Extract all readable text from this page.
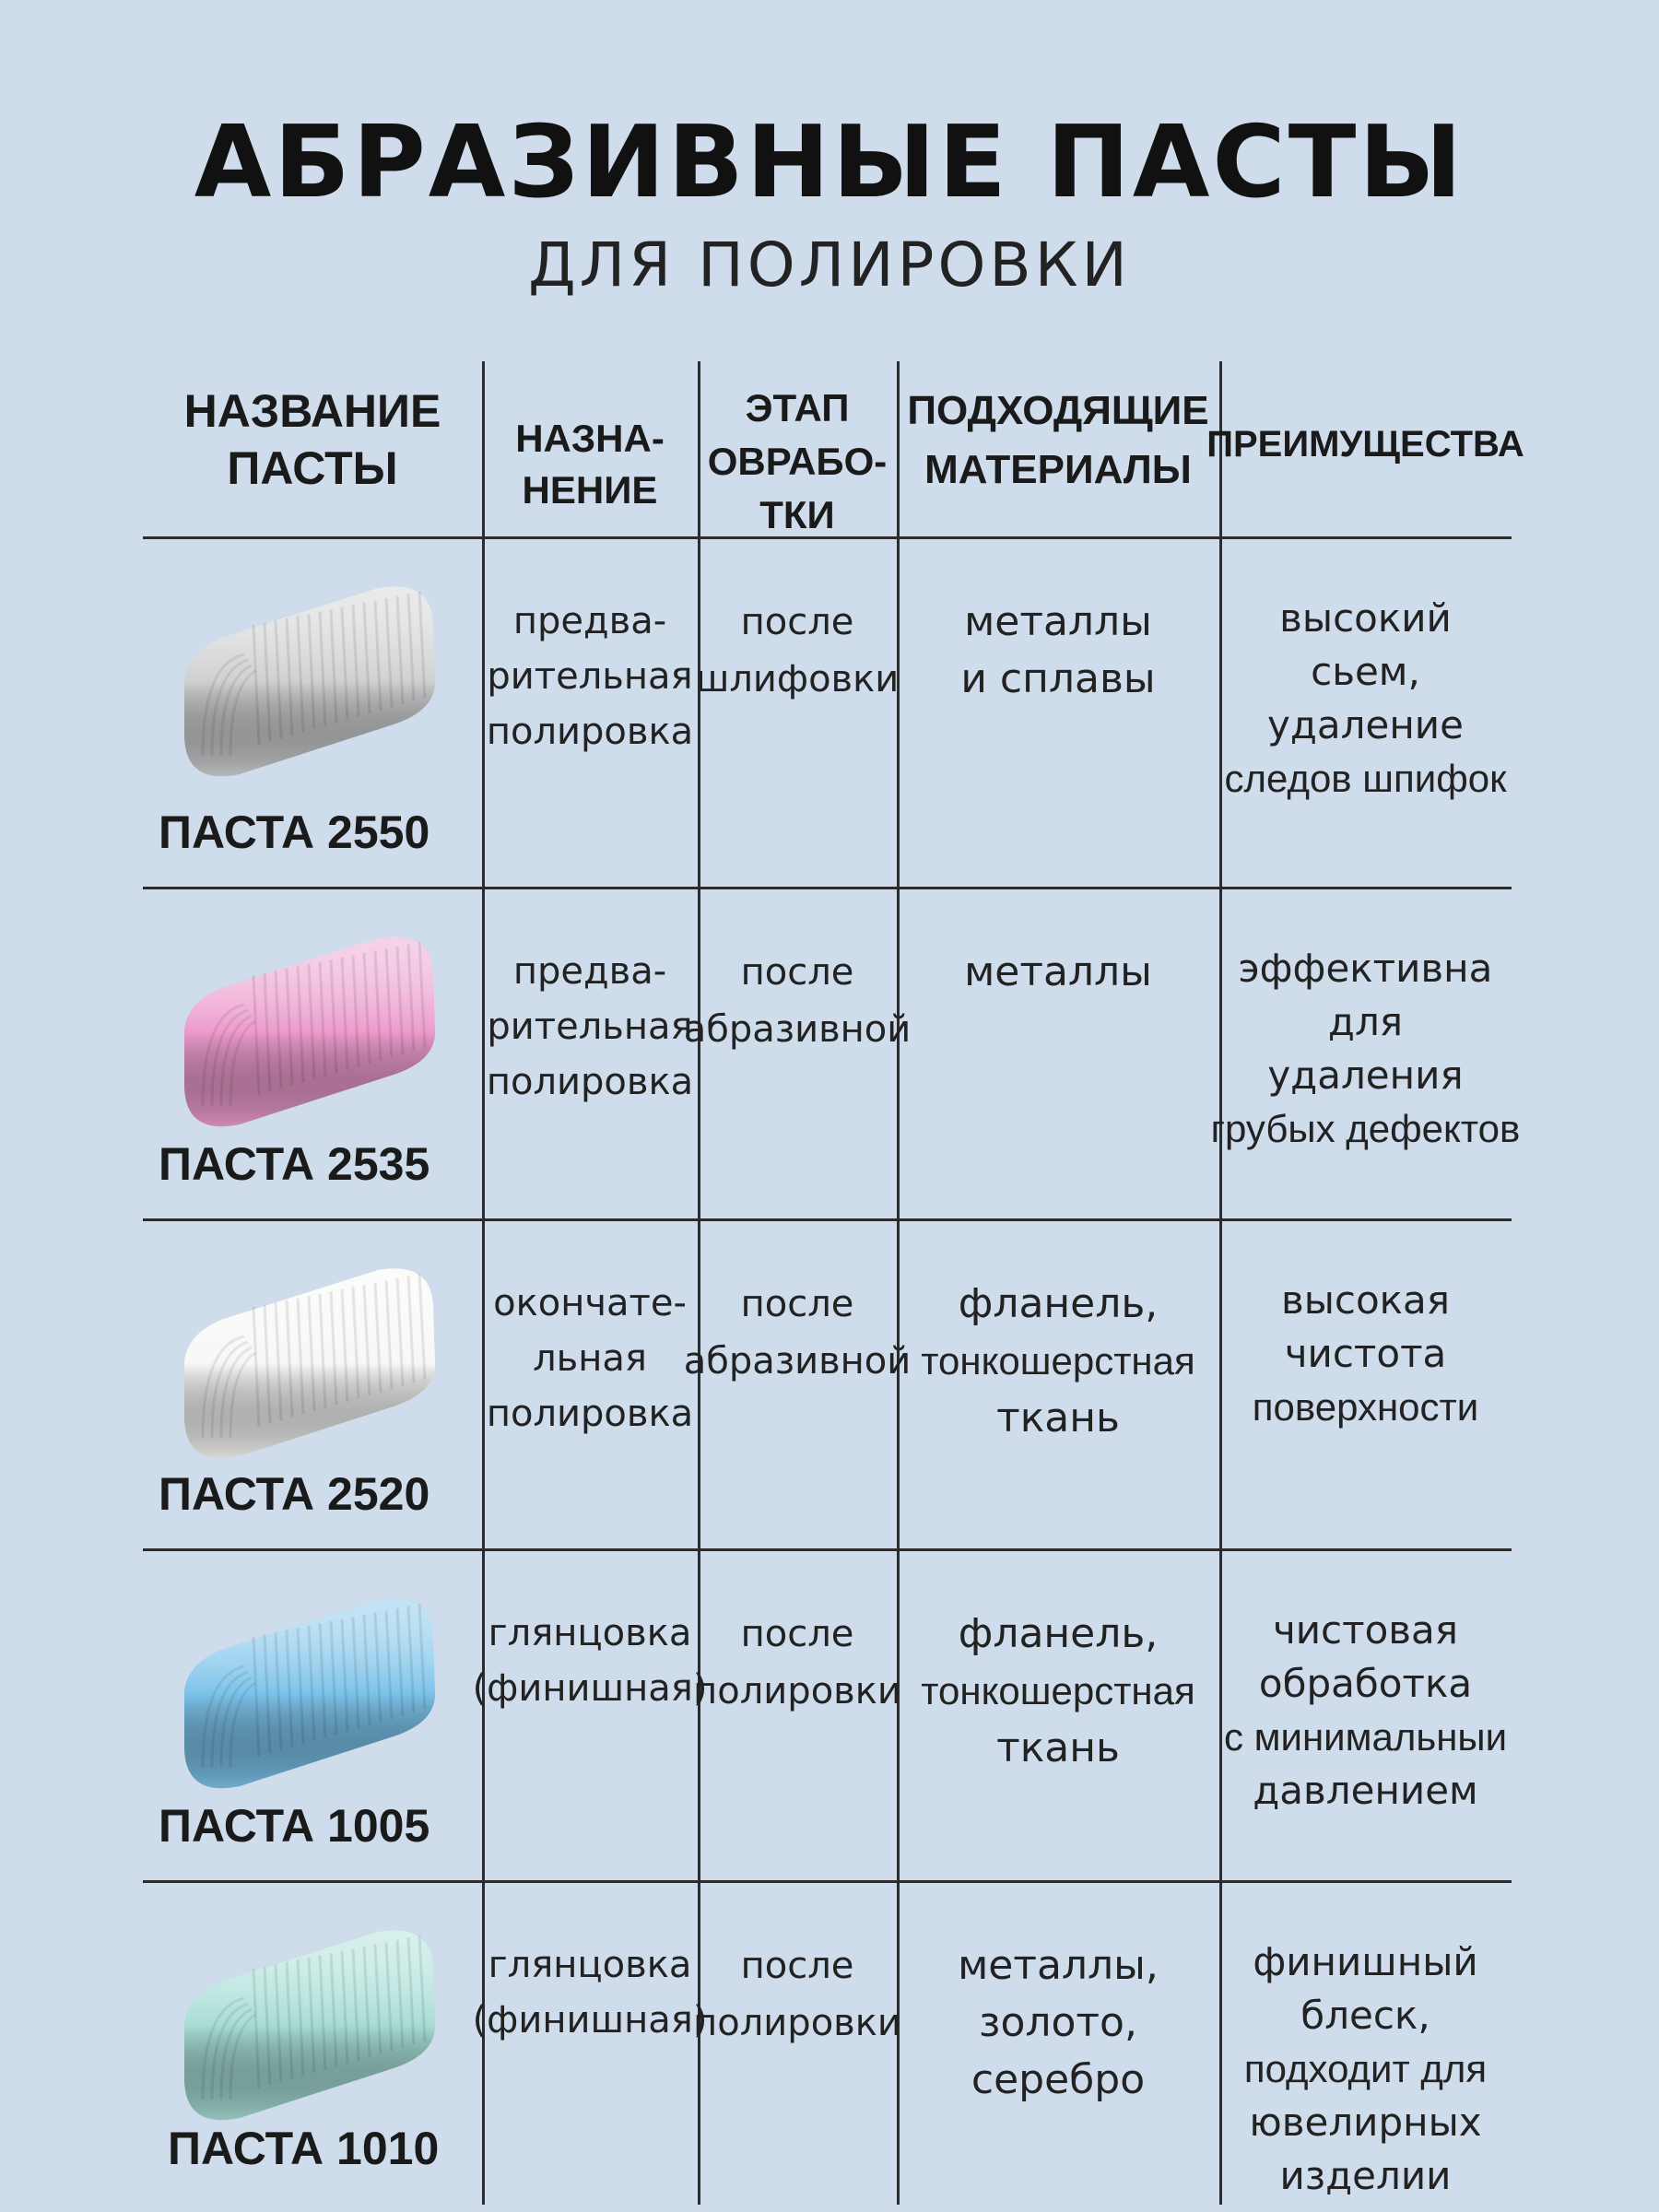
АБРАЗИВНЫЕ ПАСТЫ
ДЛЯ ПОЛИРОВКИ
НАЗВАНИЕ
ПАСТЫ
НАЗНА-
НЕНИЕ
ЭТАП
ОВРАБО-
ТКИ
ПОДХОДЯЩИЕ
МАТЕРИАЛЫ
ПРЕИМУЩЕСТВА
ПАСТА 2550
предва-
рительная
полировка
после
шлифовки
металлы
и сплавы
высокий
сьем,
удаление
следов шпифок
ПАСТА 2535
предва-
рительная
полировка
после
абразивной
металлы эффективна
для
удаления
грубых дефектов
ПАСТА 2520
окончате-
льная
полировка
после
абразивной
фланель,
тонкошерстная
ткань
высокая
чистота
поверхности
ПАСТА 1005
глянцовка
(финишная)
после
полировки
фланель,
тонкошерстная
ткань
чистовая
обработка
с минимальныи
давлением
ПАСТА 1010
глянцовка
(финишная)
после
полировки
металлы,
золото,
серебро
финишный
блеск,
подходит для
ювелирных
изделии
